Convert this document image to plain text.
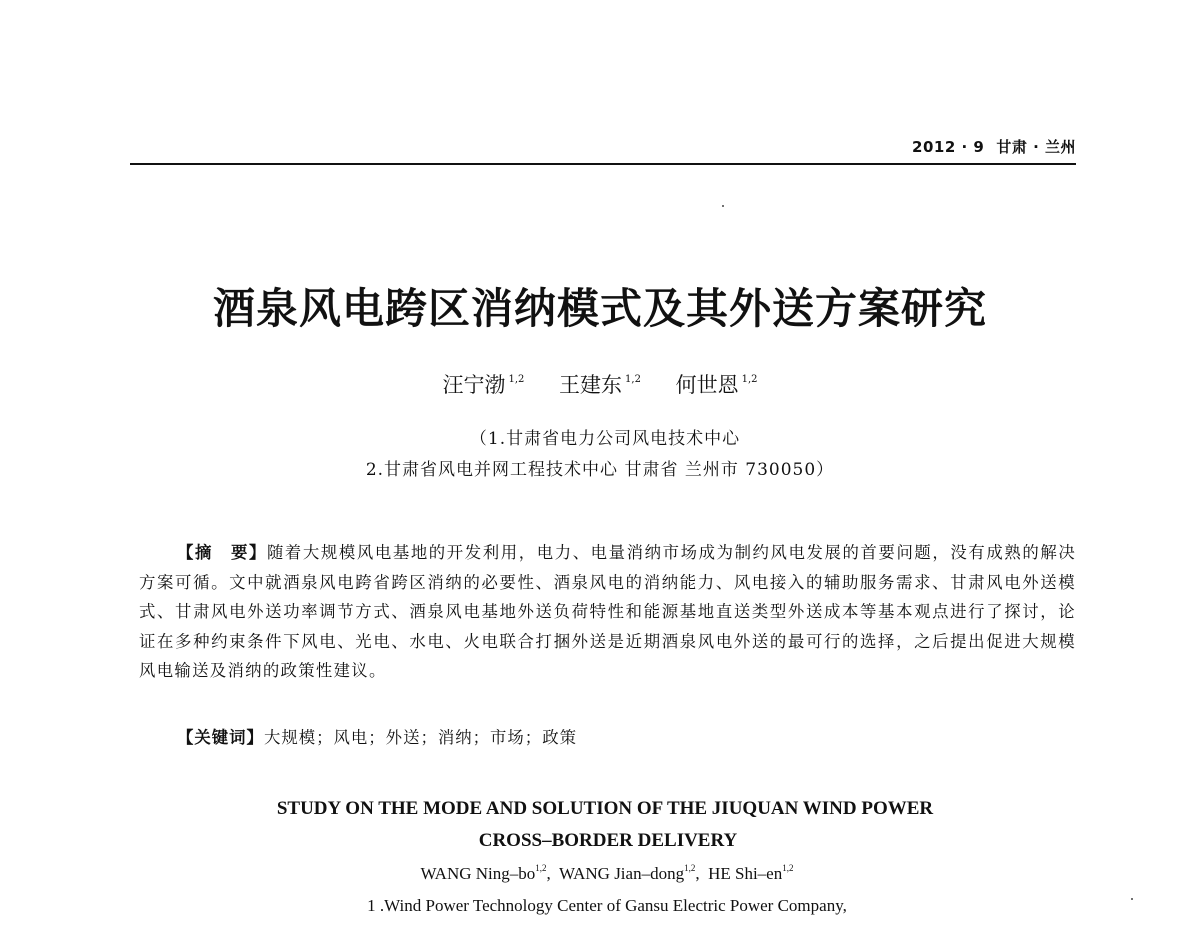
2012 · 9 甘肃 · 兰州
酒泉风电跨区消纳模式及其外送方案研究
汪宁渤 $^{1,2}$ 王建东 $^{1,2}$ 何世恩 $^{1,2}$
（1.甘肃省电力公司风电技术中心
2.甘肃省风电并网工程技术中心 甘肃省 兰州市 730050）
【摘　要】随着大规模风电基地的开发利用，电力、电量消纳市场成为制约风电发展的首要问题，没有成熟的解决方案可循。文中就酒泉风电跨省跨区消纳的必要性、酒泉风电的消纳能力、风电接入的辅助服务需求、甘肃风电外送模式、甘肃风电外送功率调节方式、酒泉风电基地外送负荷特性和能源基地直送类型外送成本等基本观点进行了探讨，论证在多种约束条件下风电、光电、水电、火电联合打捆外送是近期酒泉风电外送的最可行的选择，之后提出促进大规模风电输送及消纳的政策性建议。
【关键词】大规模；风电；外送；消纳；市场；政策
STUDY ON THE MODE AND SOLUTION OF THE JIUQUAN WIND POWER
CROSS–BORDER DELIVERY
WANG Ning–bo$^{1,2}$,  WANG Jian–dong$^{1,2}$,  HE Shi–en$^{1,2}$
1 .Wind Power Technology Center of Gansu Electric Power Company,
